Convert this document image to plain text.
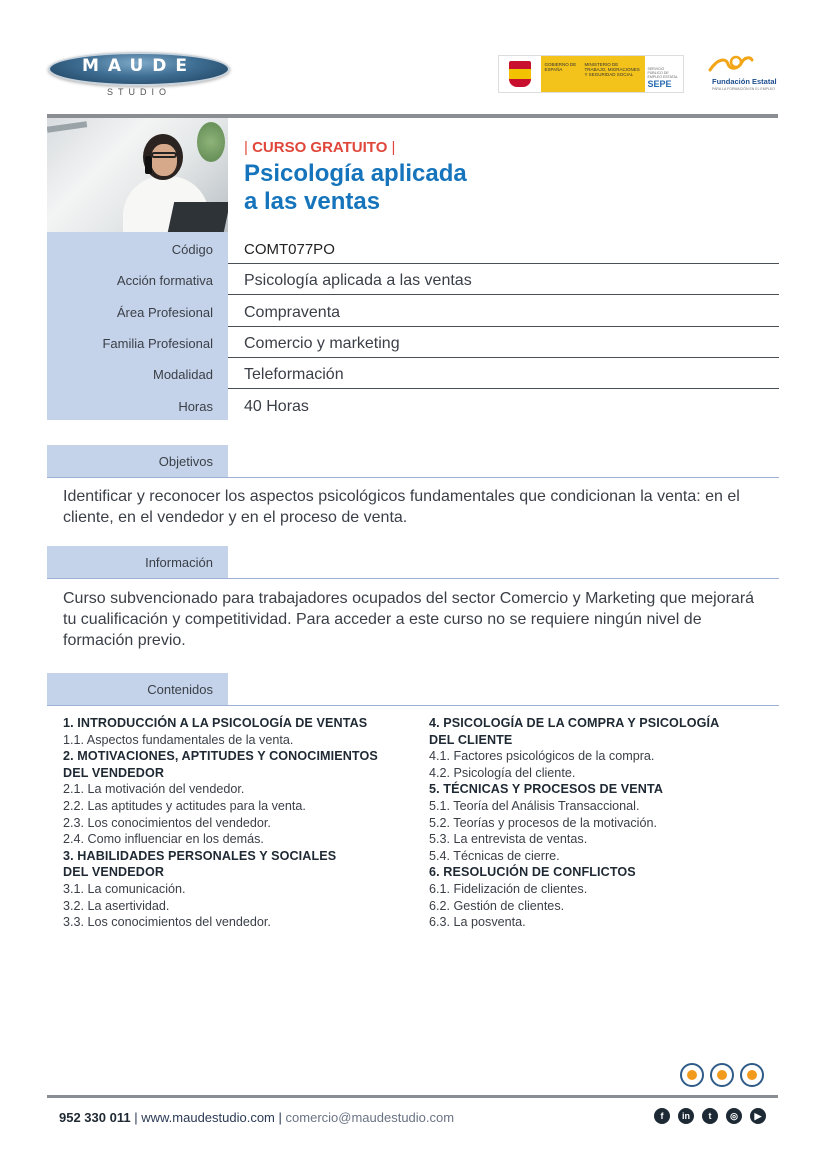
MAUDE
STUDIO
GOBIERNO DE ESPAÑA
MINISTERIO DE TRABAJO, MIGRACIONES Y SEGURIDAD SOCIAL
SERVICIO PÚBLICO DE EMPLEO ESTATAL
SEPE	Fundación Estatal
PARA LA FORMACIÓN EN EL EMPLEO
| CURSO GRATUITO |
Psicología aplicada
a las ventas
Código COMT077PO
Acción formativa Psicología aplicada a las ventas
Área Profesional Compraventa
Familia Profesional Comercio y marketing
Modalidad Teleformación
Horas 40 Horas
Objetivos
Identificar y reconocer los aspectos psicológicos fundamentales que condicionan la venta: en el cliente, en el vendedor y en el proceso de venta.
Información
Curso subvencionado para trabajadores ocupados del sector Comercio y Marketing que mejorará tu cualificación y competitividad. Para acceder a este curso no se requiere ningún nivel de formación previo.
Contenidos
1. INTRODUCCIÓN A LA PSICOLOGÍA DE VENTAS
1.1. Aspectos fundamentales de la venta.
2. MOTIVACIONES, APTITUDES Y CONOCIMIENTOS
DEL VENDEDOR
2.1. La motivación del vendedor.
2.2. Las aptitudes y actitudes para la venta.
2.3. Los conocimientos del vendedor.
2.4. Como influenciar en los demás.
3. HABILIDADES PERSONALES Y SOCIALES
DEL VENDEDOR
3.1. La comunicación.
3.2. La asertividad.
3.3. Los conocimientos del vendedor.
4. PSICOLOGÍA DE LA COMPRA Y PSICOLOGÍA
DEL CLIENTE
4.1. Factores psicológicos de la compra.
4.2. Psicología del cliente.
5. TÉCNICAS Y PROCESOS DE VENTA
5.1. Teoría del Análisis Transaccional.
5.2. Teorías y procesos de la motivación.
5.3. La entrevista de ventas.
5.4. Técnicas de cierre.
6. RESOLUCIÓN DE CONFLICTOS
6.1. Fidelización de clientes.
6.2. Gestión de clientes.
6.3. La posventa.
952 330 011 | www.maudestudio.com | comercio@maudestudio.com	f	in	t	◎	▶
